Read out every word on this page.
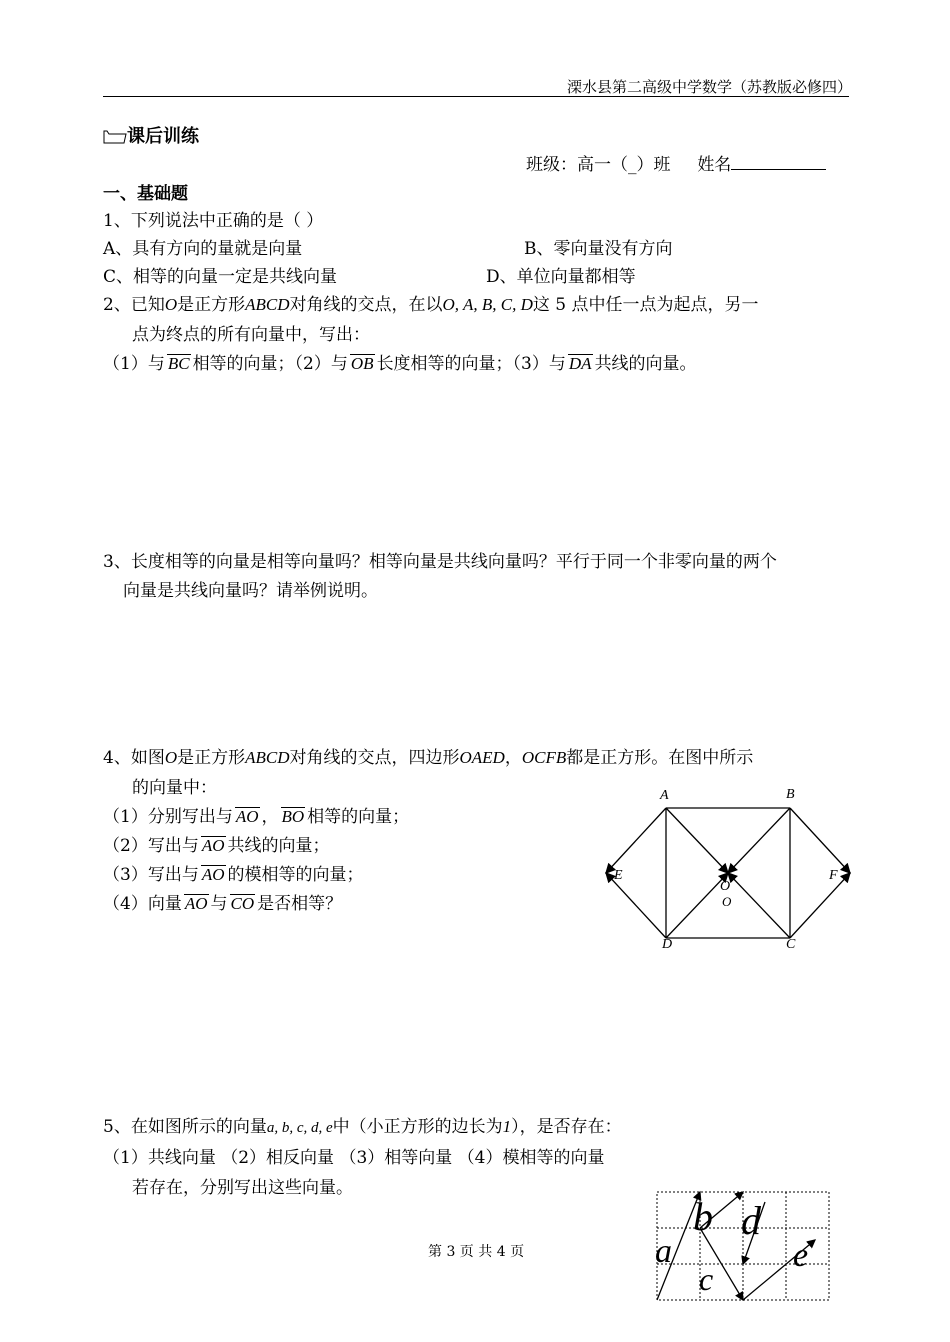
溧水县第二高级中学数学（苏教版必修四）
课后训练
班级：高一（_）班 姓名
一、基础题
1、下列说法中正确的是（ ）
A、具有方向的量就是向量	B、零向量没有方向
C、相等的向量一定是共线向量	D、单位向量都相等
2、已知O是正方形ABCD对角线的交点，在以O, A, B, C, D这 5 点中任一点为起点，另一
点为终点的所有向量中，写出：
（1）与 BC 相等的向量；（2）与 OB 长度相等的向量；（3）与 DA 共线的向量。
3、长度相等的向量是相等向量吗？相等向量是共线向量吗？平行于同一个非零向量的两个
向量是共线向量吗？请举例说明。
4、如图O是正方形ABCD对角线的交点，四边形OAED，OCFB都是正方形。在图中所示
的向量中：
（1）分别写出与 AO ， BO 相等的向量；
（2）写出与 AO 共线的向量；
（3）写出与 AO 的模相等的向量；
（4）向量 AO 与 CO 是否相等？
A	B
C
D
E	F
O
O
5、在如图所示的向量a, b, c, d, e中（小正方形的边长为1），是否存在：
（1）共线向量 （2）相反向量 （3）相等向量 （4）模相等的向量
若存在，分别写出这些向量。
a
b
c
d
e
第 3 页 共 4 页
